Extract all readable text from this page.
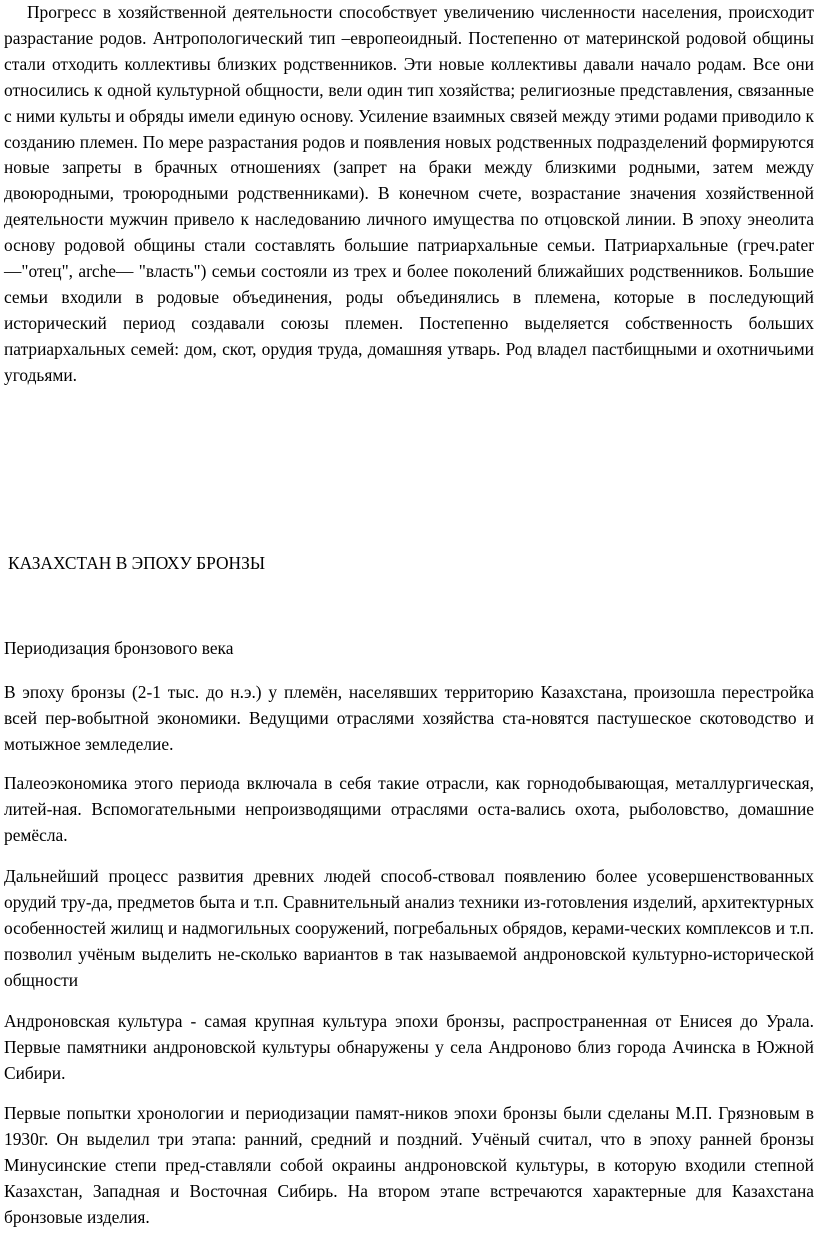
Прогресс в хозяйственной деятельности способствует увеличению численности населения, происходит разрастание родов. Антропологический тип –европеоидный. Постепенно от материнской родовой общины стали отходить коллективы близких родственников. Эти новые коллективы давали начало родам. Все они относились к одной культурной общности, вели один тип хозяйства; религиозные представления, связанные с ними культы и обряды имели единую основу. Усиление взаимных связей между этими родами приводило к созданию племен. По мере разрастания родов и появления новых родственных подразделений формируются новые запреты в брачных отношениях (запрет на браки между близкими родными, затем между двоюродными, троюродными родственниками). В конечном счете, возрастание значения хозяйственной деятельности мужчин привело к наследованию личного имущества по отцовской линии. В эпоху энеолита основу родовой общины стали составлять большие патриархальные семьи. Патриархальные (греч.pater—"отец", arche— "власть") семьи состояли из трех и более поколений ближайших родственников. Большие семьи входили в родовые объединения, роды объединялись в племена, которые в последующий исторический период создавали союзы племен. Постепенно выделяется собственность больших патриархальных семей: дом, скот, орудия труда, домашняя утварь. Род владел пастбищными и охотничьими угодьями.

КАЗАХСТАН В ЭПОХУ БРОНЗЫ
Периодизация бронзового века

В эпоху бронзы (2-1 тыс. до н.э.) у племён, населявших территорию Казахстана, произошла перестройка всей пер-вобытной экономики. Ведущими отраслями хозяйства ста-новятся пастушеское скотоводство и мотыжное земледелие.

Палеоэкономика этого периода включала в себя такие отрасли, как горнодобывающая, металлургическая, литей-ная. Вспомогательными непроизводящими отраслями оста-вались охота, рыболовство, домашние ремёсла.

Дальнейший процесс развития древних людей способ-ствовал появлению более усовершенствованных орудий тру-да, предметов быта и т.п. Сравнительный анализ техники из-готовления изделий, архитектурных особенностей жилищ и надмогильных сооружений, погребальных обрядов, керами-ческих комплексов и т.п. позволил учёным выделить не-сколько вариантов в так называемой андроновской культурно-исторической общности

Андроновская культура - самая крупная культура эпохи бронзы, распространенная от Енисея до Урала. Первые памятники андроновской культуры обнаружены у села Андроново близ города Ачинска в Южной Сибири.

Первые попытки хронологии и периодизации памят-ников эпохи бронзы были сделаны М.П. Грязновым в 1930г. Он выделил три этапа: ранний, средний и поздний. Учёный считал, что в эпоху ранней бронзы Минусинские степи пред-ставляли собой окраины андроновской культуры, в которую входили степной Казахстан, Западная и Восточная Сибирь. На втором этапе встречаются характерные для Казахстана бронзовые изделия.
